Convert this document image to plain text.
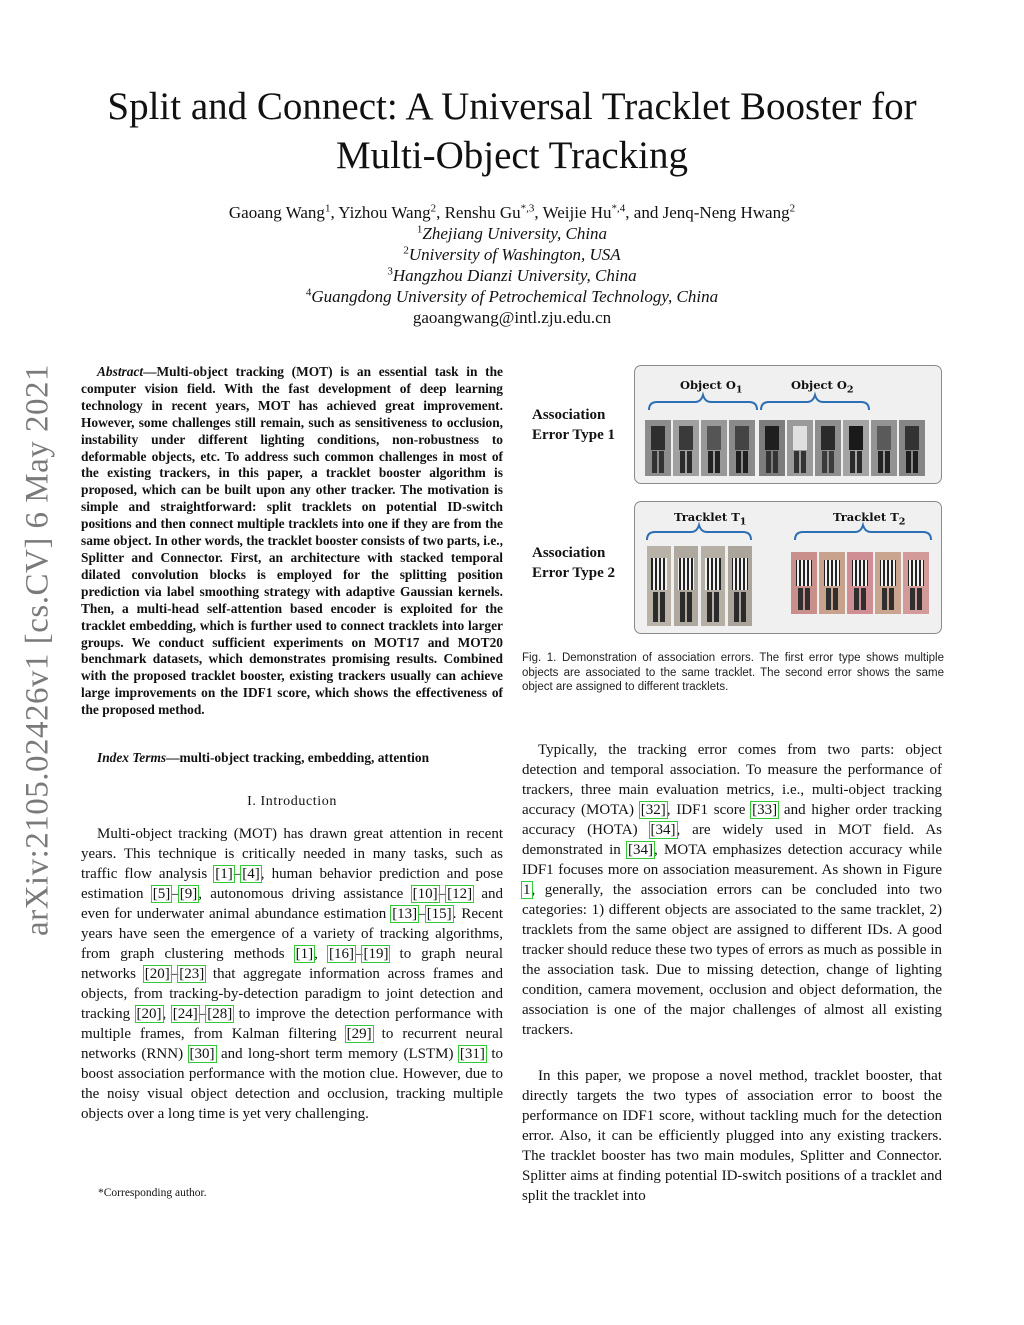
arXiv:2105.02426v1 [cs.CV] 6 May 2021
Split and Connect: A Universal Tracklet Booster for
Multi-Object Tracking
Gaoang Wang$^1$, Yizhou Wang$^2$, Renshu $Gu^{*,3}$, Weijie $Hu^{*,4}$, and Jenq-Neng Hwang$^2$
$^1$Zhejiang University, China
$^2$University of Washington, USA
$^3$Hangzhou Dianzi University, China
$^4$Guangdong University of Petrochemical Technology, China
gaoangwang@intl.zju.edu.cn
Abstract—Multi-object tracking (MOT) is an essential task in the computer vision field. With the fast development of deep learning technology in recent years, MOT has achieved great improvement. However, some challenges still remain, such as sensitiveness to occlusion, instability under different lighting conditions, non-robustness to deformable objects, etc. To address such common challenges in most of the existing trackers, in this paper, a tracklet booster algorithm is proposed, which can be built upon any other tracker. The motivation is simple and straightforward: split tracklets on potential ID-switch positions and then connect multiple tracklets into one if they are from the same object. In other words, the tracklet booster consists of two parts, i.e., Splitter and Connector. First, an architecture with stacked temporal dilated convolution blocks is employed for the splitting position prediction via label smoothing strategy with adaptive Gaussian kernels. Then, a multi-head self-attention based encoder is exploited for the tracklet embedding, which is further used to connect tracklets into larger groups. We conduct sufficient experiments on MOT17 and MOT20 benchmark datasets, which demonstrates promising results. Combined with the proposed tracklet booster, existing trackers usually can achieve large improvements on the IDF1 score, which shows the effectiveness of the proposed method.
Index Terms—multi-object tracking, embedding, attention
I. Introduction

Multi-object tracking (MOT) has drawn great attention in recent years. This technique is critically needed in many tasks, such as traffic flow analysis [1]–[4], human behavior prediction and pose estimation [5]–[9], autonomous driving assistance [10]–[12] and even for underwater animal abundance estimation [13]–[15]. Recent years have seen the emergence of a variety of tracking algorithms, from graph clustering methods [1], [16]–[19] to graph neural networks [20]–[23] that aggregate information across frames and objects, from tracking-by-detection paradigm to joint detection and tracking [20], [24]–[28] to improve the detection performance with multiple frames, from Kalman filtering [29] to recurrent neural networks (RNN) [30] and long-short term memory (LSTM) [31] to boost association performance with the motion clue. However, due to the noisy visual object detection and occlusion, tracking multiple objects over a long time is yet very challenging.

*Corresponding author.
Association
Error Type 1
Association
Error Type 2
Object $O_1$	Object $O_2$
Tracklet $T_1$	Tracklet $T_2$
Fig. 1. Demonstration of association errors. The first error type shows multiple objects are associated to the same tracklet. The second error shows the same object are assigned to different tracklets.

Typically, the tracking error comes from two parts: object detection and temporal association. To measure the performance of trackers, three main evaluation metrics, i.e., multi-object tracking accuracy (MOTA) [32], IDF1 score [33] and higher order tracking accuracy (HOTA) [34], are widely used in MOT field. As demonstrated in [34], MOTA emphasizes detection accuracy while IDF1 focuses more on association measurement. As shown in Figure 1, generally, the association errors can be concluded into two categories: 1) different objects are associated to the same tracklet, 2) tracklets from the same object are assigned to different IDs. A good tracker should reduce these two types of errors as much as possible in the association task. Due to missing detection, change of lighting condition, camera movement, occlusion and object deformation, the association is one of the major challenges of almost all existing trackers.

In this paper, we propose a novel method, tracklet booster, that directly targets the two types of association error to boost the performance on IDF1 score, without tackling much for the detection error. Also, it can be efficiently plugged into any existing trackers. The tracklet booster has two main modules, Splitter and Connector. Splitter aims at finding potential ID-switch positions of a tracklet and split the tracklet into
